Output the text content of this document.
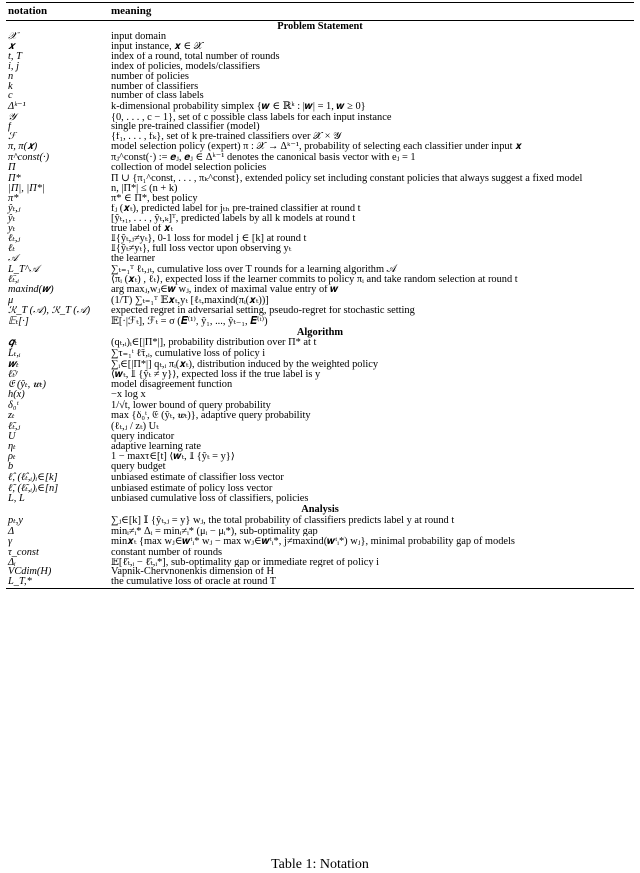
notation	meaning
Problem Statement	
𝒳	input domain
𝒙	input instance, 𝒙 ∈ 𝒳
t, T	index of a round, total number of rounds
i, j	index of policies, models/classifiers
n	number of policies
k	number of classifiers
c	number of class labels
Δᵏ⁻¹	k-dimensional probability simplex {𝒘 ∈ ℝᵏ : |𝒘| = 1, 𝒘 ≥ 0}
𝒴	{0, . . . , c − 1}, set of c possible class labels for each input instance
f	single pre-trained classifier (model)
ℱ	{f₁, . . . , fₖ}, set of k pre-trained classifiers over 𝒳 × 𝒴
π, π(𝒙)	model selection policy (expert) π : 𝒳 → Δᵏ⁻¹, probability of selecting each classifier under input 𝒙
π^const(·)	πⱼ^const(·) := 𝒆ⱼ, 𝒆ⱼ ∈ Δᵏ⁻¹ denotes the canonical basis vector with eⱼ = 1
Π	collection of model selection policies
Π*	Π ∪ {π₁^const, . . . , πₖ^const}, extended policy set including constant policies that always suggest a fixed model
|Π|, |Π*|	n, |Π*| ≤ (n + k)
π*	π* ∈ Π*, best policy
ŷₜ,ⱼ	fⱼ (𝒙ₜ), predicted label for jₜₕ pre-trained classifier at round t
ŷₜ	[ŷₜ,₁, . . . , ŷₜ,ₖ]ᵀ, predicted labels by all k models at round t
yₜ	true label of 𝒙ₜ
ℓₜ,ⱼ	𝕀{ŷₜ,ⱼ≠yₜ}, 0-1 loss for model j ∈ [k] at round t
ℓₜ	𝕀{ŷₜ≠yₜ}, full loss vector upon observing yₜ
𝒜	the learner
L_T^𝒜	∑ₜ₌₁ᵀ ℓₜ,ⱼₜ, cumulative loss over T rounds for a learning algorithm 𝒜
ℓ̂ₜ,ᵢ	⟨πᵢ (𝒙ₜ) , ℓₜ⟩, expected loss if the learner commits to policy πᵢ and take random selection at round t
maxind(𝒘)	arg maxⱼ,wⱼ∈𝒘 wⱼ, index of maximal value entry of 𝒘
μ	(1/T) ∑ₜ₌₁ᵀ 𝔼𝒙ₜ,yₜ [ℓₜ,maxind(πᵢ(𝒙ₜ))]
ℛ_T (𝒜), ℛ̄_T (𝒜)	expected regret in adversarial setting, pseudo-regret for stochastic setting
𝔼ₜ[·]	𝔼[·|ℱₜ], ℱₜ = σ (𝑬⁽¹⁾, ŷ₁, ..., ŷₜ₋₁, 𝑬⁽ᵗ⁾)
Algorithm	
𝒒ₜ	(qₜ,ᵢ)ᵢ∈[|Π*|], probability distribution over Π* at t
L̃ₜ,ᵢ	∑τ₌₁ᵗ ℓ̃τ,ᵢ, cumulative loss of policy i
𝒘ₜ	∑ᵢ∈[|Π*|] qₜ,ᵢ πᵢ(𝒙ₜ), distribution induced by the weighted policy
ℓ̂ₜʸ	⟨𝒘ₜ, 𝕀 {ŷₜ ≠ y}⟩, expected loss if the true label is y
𝔈 (ŷₜ, 𝒘ₜ)	model disagreement function
h(x)	−x log x
δ₀ᵗ	1/√t, lower bound of query probability
zₜ	max {δ₀ᵗ, 𝔈 (ŷₜ, 𝒘ₜ)}, adaptive query probability
ℓ̃ₜ,ⱼ	(ℓₜ,ⱼ / zₜ) Uₜ
U	query indicator
ηₜ	adaptive learning rate
ρₜ	1 − maxτ∈[t] ⟨𝒘ₜ, 𝕀 {ŷₜ = y}⟩
b	query budget
ℓ̂, (ℓ̂ₜ,ᵢ)ᵢ∈[k]	unbiased estimate of classifier loss vector
ℓ̃, (ℓ̃ₜ,ᵢ)ᵢ∈[n]	unbiased estimate of policy loss vector
L̂, L̃	unbiased cumulative loss of classifiers, policies
Analysis	
pₜ,y	∑ⱼ∈[k] 𝕀 {ŷₜ,ⱼ = y} wⱼ, the total probability of classifiers predicts label y at round t
Δ	minᵢ≠ᵢ* Δᵢ = minᵢ≠ᵢ* (μᵢ − μᵢ*), sub-optimality gap
γ	min𝒙ₜ {max wⱼ∈𝒘ᵗᵢ* wⱼ − max wⱼ∈𝒘ᵗᵢ*, j≠maxind(𝒘ᵗᵢ*) wⱼ}, minimal probability gap of models
τ_const	constant number of rounds
Δᵢ	𝔼[ℓ̄ₜ,ᵢ − ℓ̄ₜ,ᵢ*], sub-optimality gap or immediate regret of policy i
VCdim(H)	Vapnik-Chervnonenkis dimension of H
L_T,*	the cumulative loss of oracle at round T
Table 1: Notation
